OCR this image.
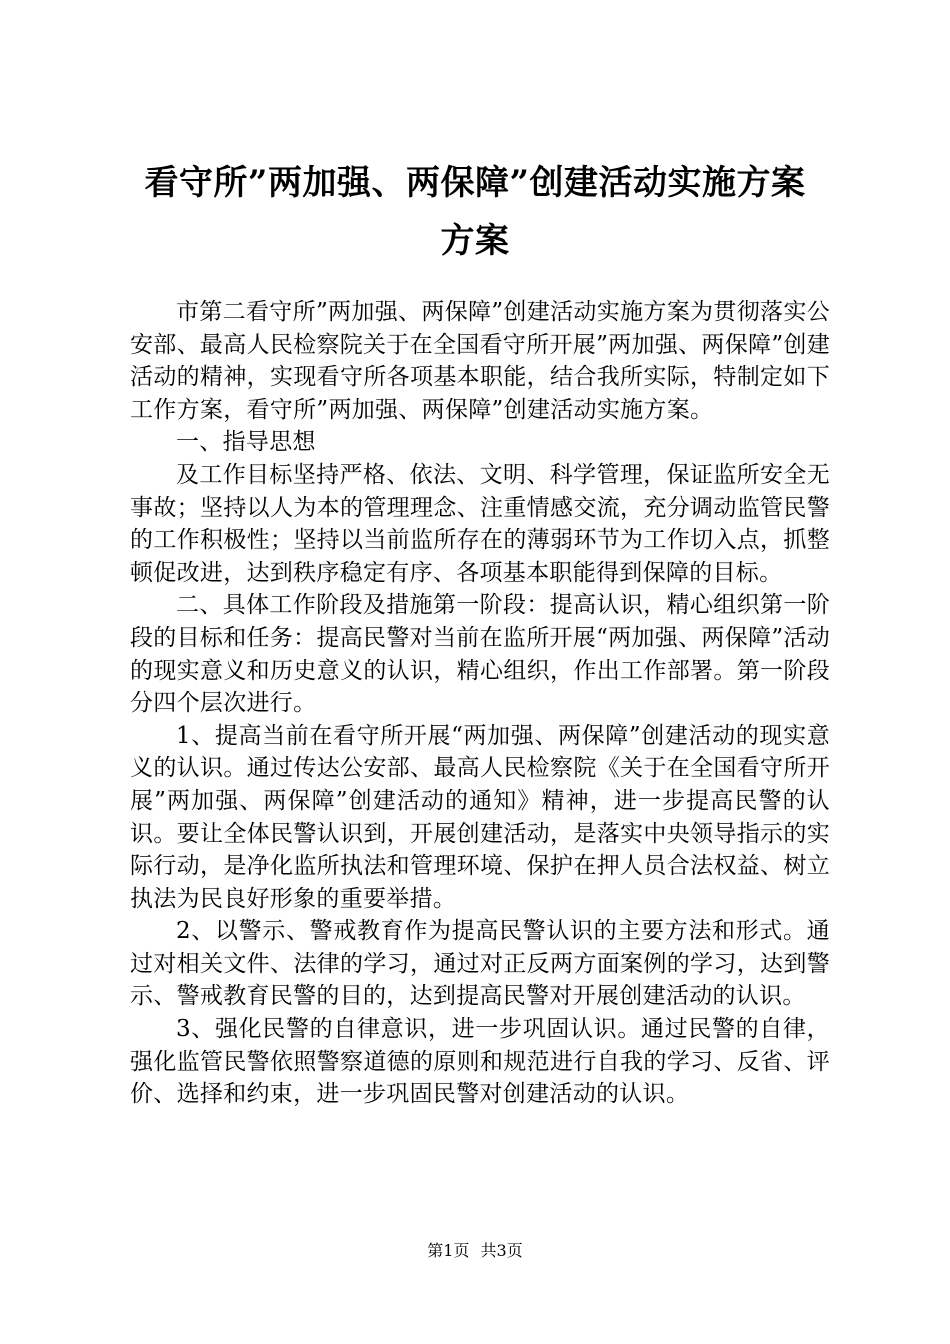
看守所”两加强、两保障”创建活动实施方案
方案

市第二看守所”两加强、两保障”创建活动实施方案为贯彻落实公安部、最高人民检察院关于在全国看守所开展”两加强、两保障”创建活动的精神，实现看守所各项基本职能，结合我所实际，特制定如下工作方案，看守所”两加强、两保障”创建活动实施方案。

一、指导思想

及工作目标坚持严格、依法、文明、科学管理，保证监所安全无事故；坚持以人为本的管理理念、注重情感交流，充分调动监管民警的工作积极性；坚持以当前监所存在的薄弱环节为工作切入点，抓整顿促改进，达到秩序稳定有序、各项基本职能得到保障的目标。

二、具体工作阶段及措施第一阶段：提高认识，精心组织第一阶段的目标和任务：提高民警对当前在监所开展“两加强、两保障”活动的现实意义和历史意义的认识，精心组织，作出工作部署。第一阶段分四个层次进行。

1、提高当前在看守所开展“两加强、两保障”创建活动的现实意义的认识。通过传达公安部、最高人民检察院《关于在全国看守所开展”两加强、两保障”创建活动的通知》精神，进一步提高民警的认识。要让全体民警认识到，开展创建活动，是落实中央领导指示的实际行动，是净化监所执法和管理环境、保护在押人员合法权益、树立执法为民良好形象的重要举措。

2、以警示、警戒教育作为提高民警认识的主要方法和形式。通过对相关文件、法律的学习，通过对正反两方面案例的学习，达到警示、警戒教育民警的目的，达到提高民警对开展创建活动的认识。

3、强化民警的自律意识，进一步巩固认识。通过民警的自律，强化监管民警依照警察道德的原则和规范进行自我的学习、反省、评价、选择和约束，进一步巩固民警对创建活动的认识。

第1页 共3页
